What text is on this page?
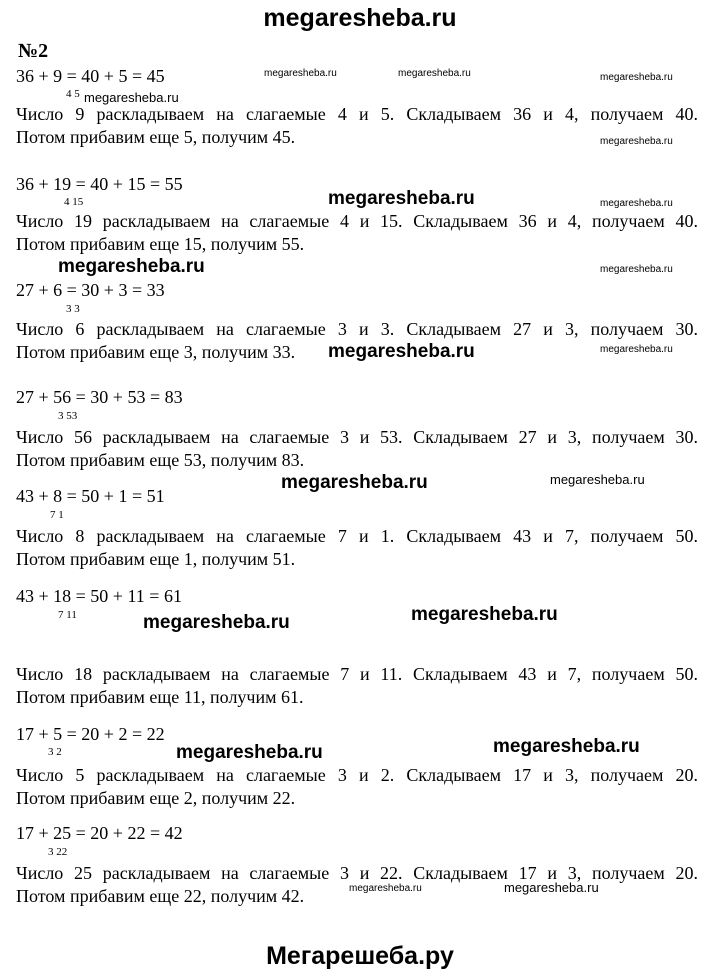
megaresheba.ru
№2
36 + 9 = 40 + 5 = 45
4 5
Число 9 раскладываем на слагаемые 4 и 5. Складываем 36 и 4, получаем 40.
Потом прибавим еще 5, получим 45.
36 + 19 = 40 + 15 = 55
4 15
Число 19 раскладываем на слагаемые 4 и 15. Складываем 36 и 4, получаем 40.
Потом прибавим еще 15, получим 55.
27 + 6 = 30 + 3 = 33
3 3
Число 6 раскладываем на слагаемые 3 и 3. Складываем 27 и 3, получаем 30.
Потом прибавим еще 3, получим 33.
27 + 56 = 30 + 53 = 83
3 53
Число 56 раскладываем на слагаемые 3 и 53. Складываем 27 и 3, получаем 30.
Потом прибавим еще 53, получим 83.
43 + 8 = 50 + 1 = 51
7 1
Число 8 раскладываем на слагаемые 7 и 1. Складываем 43 и 7, получаем 50.
Потом прибавим еще 1, получим 51.
43 + 18 = 50 + 11 = 61
7 11
Число 18 раскладываем на слагаемые 7 и 11. Складываем 43 и 7, получаем 50.
Потом прибавим еще 11, получим 61.
17 + 5 = 20 + 2 = 22
3 2
Число 5 раскладываем на слагаемые 3 и 2. Складываем 17 и 3, получаем 20.
Потом прибавим еще 2, получим 22.
17 + 25 = 20 + 22 = 42
3 22
Число 25 раскладываем на слагаемые 3 и 22. Складываем 17 и 3, получаем 20.
Потом прибавим еще 22, получим 42.
megaresheba.ru	megaresheba.ru	megaresheba.ru
megaresheba.ru
megaresheba.ru
megaresheba.ru	megaresheba.ru
megaresheba.ru	megaresheba.ru
megaresheba.ru	megaresheba.ru
megaresheba.ru	megaresheba.ru
megaresheba.ru
megaresheba.ru
megaresheba.ru	megaresheba.ru
megaresheba.ru	megaresheba.ru
Мегарешеба.ру
